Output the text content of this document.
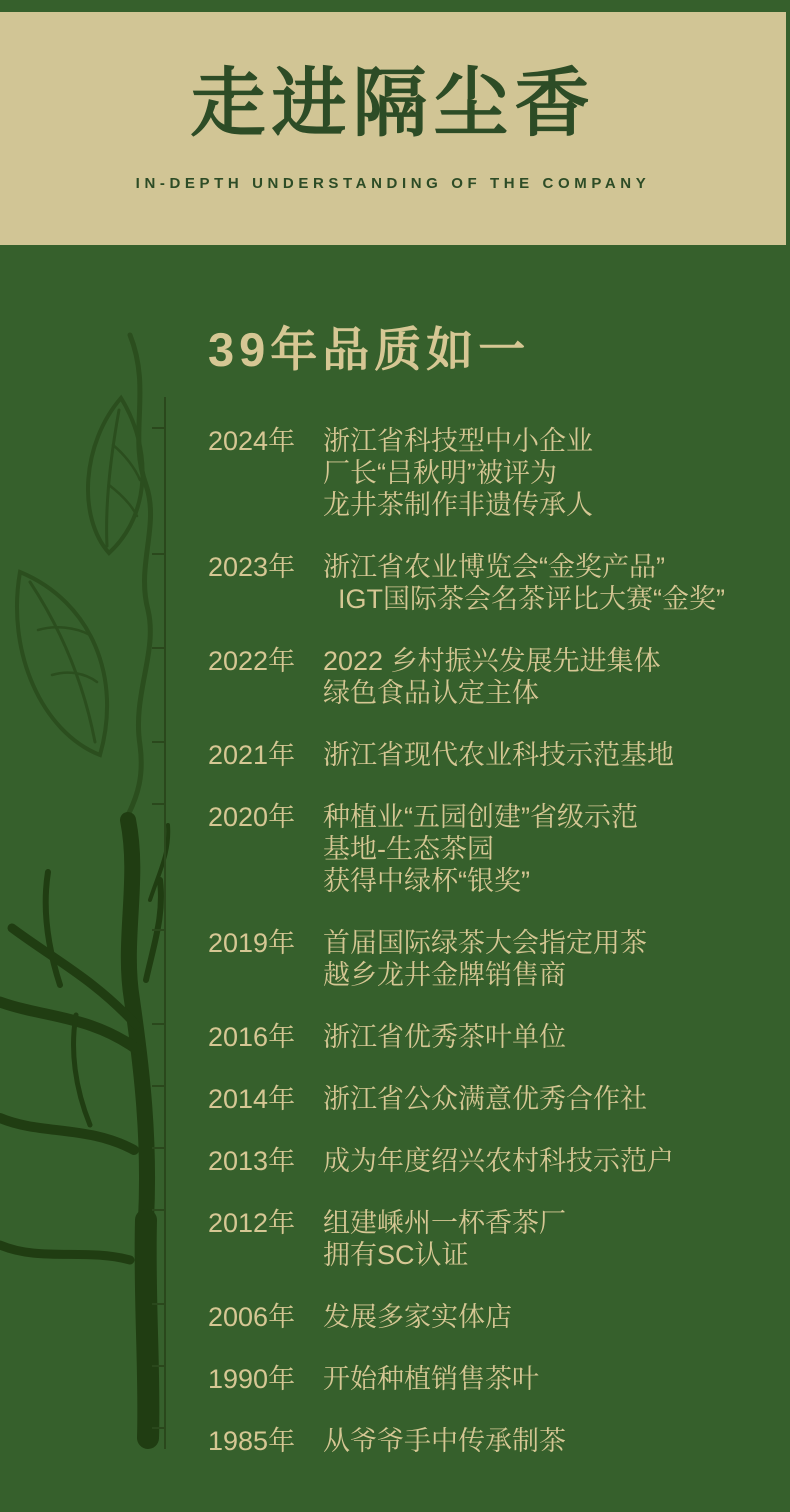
走进隔尘香
IN-DEPTH UNDERSTANDING OF THE COMPANY
39年品质如一
2024年 浙江省科技型中小企业
厂长“吕秋明”被评为
龙井茶制作非遗传承人
2023年 浙江省农业博览会“金奖产品”
IGT国际茶会名茶评比大赛“金奖”
2022年 2022 乡村振兴发展先进集体
绿色食品认定主体
2021年 浙江省现代农业科技示范基地
2020年 种植业“五园创建”省级示范
基地-生态茶园
获得中绿杯“银奖”
2019年 首届国际绿茶大会指定用茶
越乡龙井金牌销售商
2016年 浙江省优秀茶叶单位
2014年 浙江省公众满意优秀合作社
2013年 成为年度绍兴农村科技示范户
2012年 组建嵊州一杯香茶厂
拥有SC认证
2006年 发展多家实体店
1990年 开始种植销售茶叶
1985年 从爷爷手中传承制茶
